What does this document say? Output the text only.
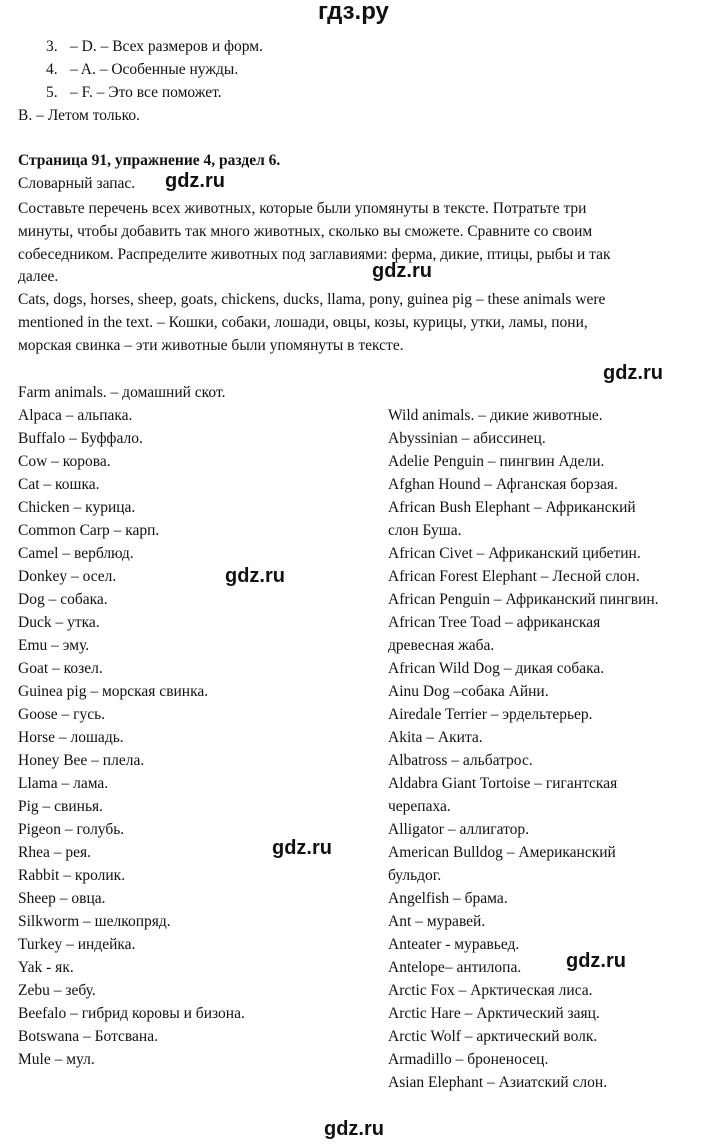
гдз.ру
gdz.ru
gdz.ru
gdz.ru
gdz.ru
gdz.ru
gdz.ru
gdz.ru
3. – D. – Всех размеров и форм.
4. – A. – Особенные нужды.
5. – F. – Это все поможет.
B. – Летом только.
Страница 91, упражнение 4, раздел 6.
Словарный запас.
Составьте перечень всех животных, которые были упомянуты в тексте. Потратьте три
минуты, чтобы добавить так много животных, сколько вы сможете. Сравните со своим
собеседником. Распределите животных под заглавиями: ферма, дикие, птицы, рыбы и так
далее.
Cats, dogs, horses, sheep, goats, chickens, ducks, llama, pony, guinea pig – these animals were
mentioned in the text. – Кошки, собаки, лошади, овцы, козы, курицы, утки, ламы, пони,
морская свинка – эти животные были упомянуты в тексте.
Farm animals. – домашний скот.
Alpaca – альпака.
Buffalo – Буффало.
Cow – корова.
Cat – кошка.
Chicken – курица.
Common Carp – карп.
Camel – верблюд.
Donkey – осел.
Dog – собака.
Duck – утка.
Emu – эму.
Goat – козел.
Guinea pig – морская свинка.
Goose – гусь.
Horse – лошадь.
Honey Bee – плела.
Llama – лама.
Pig – свинья.
Pigeon – голубь.
Rhea – рея.
Rabbit – кролик.
Sheep – овца.
Silkworm – шелкопряд.
Turkey – индейка.
Yak - як.
Zebu – зебу.
Beefalo – гибрид коровы и бизона.
Botswana – Ботсвана.
Mule – мул.
Wild animals. – дикие животные.
Abyssinian – абиссинец.
Adelie Penguin – пингвин Адели.
Afghan Hound – Афганская борзая.
African Bush Elephant – Африканский
слон Буша.
African Civet – Африканский цибетин.
African Forest Elephant – Лесной слон.
African Penguin – Африканский пингвин.
African Tree Toad – африканская
древесная жаба.
African Wild Dog – дикая собака.
Ainu Dog –собака Айни.
Airedale Terrier – эрдельтерьер.
Akita – Акита.
Albatross – альбатрос.
Aldabra Giant Tortoise – гигантская
черепаха.
Alligator – аллигатор.
American Bulldog – Американский
бульдог.
Angelfish – брама.
Ant – муравей.
Anteater - муравьед.
Antelope– антилопа.
Arctic Fox – Арктическая лиса.
Arctic Hare – Арктический заяц.
Arctic Wolf – арктический волк.
Armadillo – броненосец.
Asian Elephant – Азиатский слон.
